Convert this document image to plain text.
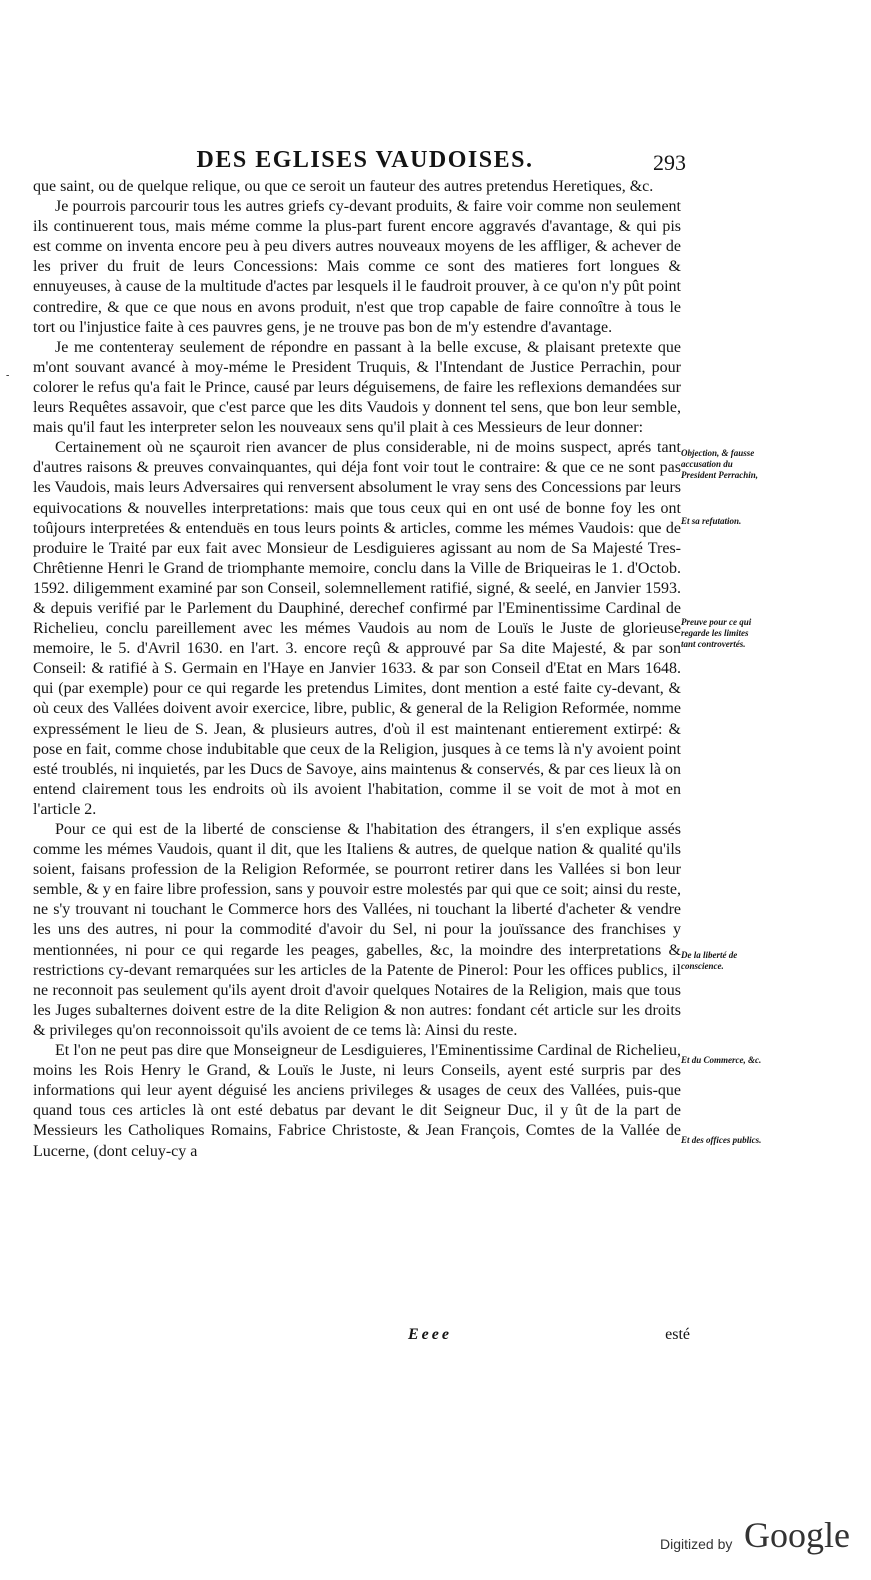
DES EGLISES VAUDOISES.	293
-

que saint, ou de quelque relique, ou que ce seroit un fauteur des autres pretendus Heretiques, &c.

Je pourrois parcourir tous les autres griefs cy-devant produits, & faire voir comme non seulement ils continuerent tous, mais méme comme la plus-part furent encore aggravés d'avantage, & qui pis est comme on inventa encore peu à peu divers autres nouveaux moyens de les affliger, & achever de les priver du fruit de leurs Concessions: Mais comme ce sont des matieres fort longues & ennuyeuses, à cause de la multitude d'actes par lesquels il le faudroit prouver, à ce qu'on n'y pût point contredire, & que ce que nous en avons produit, n'est que trop capable de faire connoître à tous le tort ou l'injustice faite à ces pauvres gens, je ne trouve pas bon de m'y estendre d'avantage.

Je me contenteray seulement de répondre en passant à la belle excuse, & plaisant pretexte que m'ont souvant avancé à moy-méme le President Truquis, & l'Intendant de Justice Perrachin, pour colorer le refus qu'a fait le Prince, causé par leurs déguisemens, de faire les reflexions demandées sur leurs Requêtes assavoir, que c'est parce que les dits Vaudois y donnent tel sens, que bon leur semble, mais qu'il faut les interpreter selon les nouveaux sens qu'il plait à ces Messieurs de leur donner:

Certainement où ne sçauroit rien avancer de plus considerable, ni de moins suspect, aprés tant d'autres raisons & preuves convainquantes, qui déja font voir tout le contraire: & que ce ne sont pas les Vaudois, mais leurs Adversaires qui renversent absolument le vray sens des Concessions par leurs equivocations & nouvelles interpretations: mais que tous ceux qui en ont usé de bonne foy les ont toûjours interpretées & entenduës en tous leurs points & articles, comme les mémes Vaudois: que de produire le Traité par eux fait avec Monsieur de Lesdiguieres agissant au nom de Sa Majesté Tres-Chrêtienne Henri le Grand de triomphante memoire, conclu dans la Ville de Briqueiras le 1. d'Octob. 1592. diligemment examiné par son Conseil, solemnellement ratifié, signé, & seelé, en Janvier 1593. & depuis verifié par le Parlement du Dauphiné, derechef confirmé par l'Eminentissime Cardinal de Richelieu, conclu pareillement avec les mémes Vaudois au nom de Louïs le Juste de glorieuse memoire, le 5. d'Avril 1630. en l'art. 3. encore reçû & approuvé par Sa dite Majesté, & par son Conseil: & ratifié à S. Germain en l'Haye en Janvier 1633. & par son Conseil d'Etat en Mars 1648. qui (par exemple) pour ce qui regarde les pretendus Limites, dont mention a esté faite cy-devant, & où ceux des Vallées doivent avoir exercice, libre, public, & general de la Religion Reformée, nomme expressément le lieu de S. Jean, & plusieurs autres, d'où il est maintenant entierement extirpé: & pose en fait, comme chose indubitable que ceux de la Religion, jusques à ce tems là n'y avoient point esté troublés, ni inquietés, par les Ducs de Savoye, ains maintenus & conservés, & par ces lieux là on entend clairement tous les endroits où ils avoient l'habitation, comme il se voit de mot à mot en l'article 2.

Pour ce qui est de la liberté de consciense & l'habitation des étrangers, il s'en explique assés comme les mémes Vaudois, quant il dit, que les Italiens & autres, de quelque nation & qualité qu'ils soient, faisans profession de la Religion Reformée, se pourront retirer dans les Vallées si bon leur semble, & y en faire libre profession, sans y pouvoir estre molestés par qui que ce soit; ainsi du reste, ne s'y trouvant ni touchant le Commerce hors des Vallées, ni touchant la liberté d'acheter & vendre les uns des autres, ni pour la commodité d'avoir du Sel, ni pour la jouïssance des franchises y mentionnées, ni pour ce qui regarde les peages, gabelles, &c, la moindre des interpretations & restrictions cy-devant remarquées sur les articles de la Patente de Pinerol: Pour les offices publics, il ne reconnoit pas seulement qu'ils ayent droit d'avoir quelques Notaires de la Religion, mais que tous les Juges subalternes doivent estre de la dite Religion & non autres: fondant cét article sur les droits & privileges qu'on reconnoissoit qu'ils avoient de ce tems là: Ainsi du reste.

Et l'on ne peut pas dire que Monseigneur de Lesdiguieres, l'Eminentissime Cardinal de Richelieu, moins les Rois Henry le Grand, & Louïs le Juste, ni leurs Conseils, ayent esté surpris par des informations qui leur ayent déguisé les anciens privileges & usages de ceux des Vallées, puis-que quand tous ces articles là ont esté debatus par devant le dit Seigneur Duc, il y ût de la part de Messieurs les Catholiques Romains, Fabrice Christoste, & Jean François, Comtes de la Vallée de Lucerne, (dont celuy-cy a

Objection, & fausse accusation du President Perrachin,
Et sa refutation.
Preuve pour ce qui regarde les limites tant controvertés.
De la liberté de conscience.
Et du Commerce, &c.
Et des offices publics.
Eeee	esté
Digitized by Google
